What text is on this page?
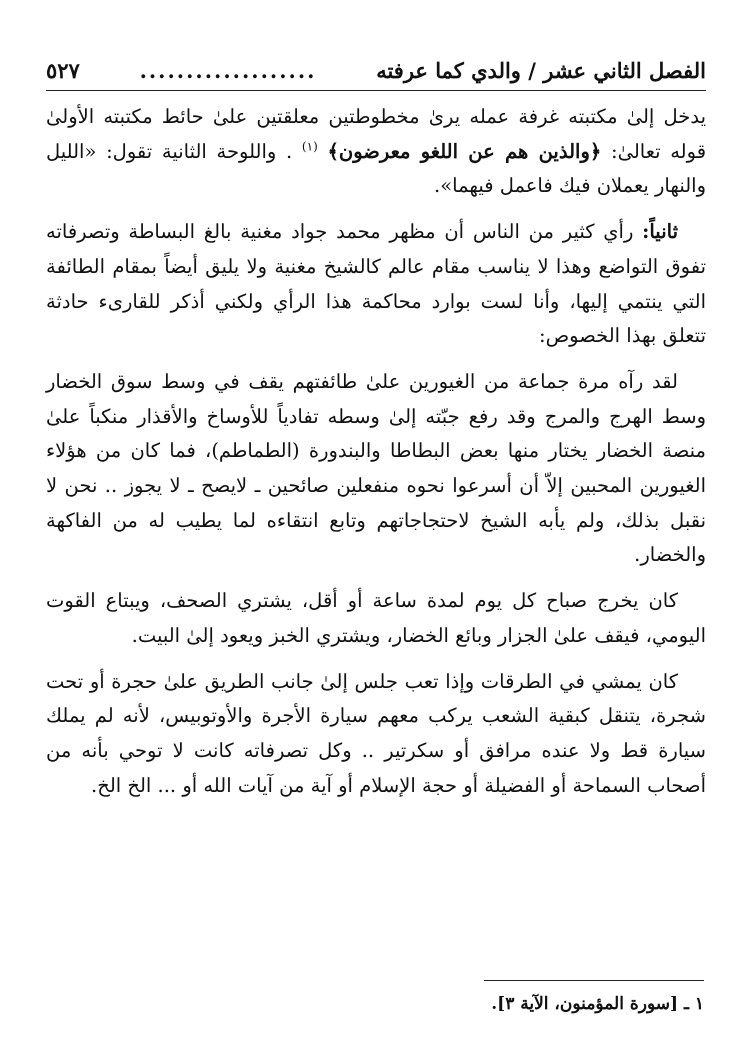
الفصل الثاني عشر / والدي كما عرفته
...................
٥٢٧

يدخل إلىٰ مكتبته غرفة عمله يرىٰ مخطوطتين معلقتين علىٰ حائط مكتبته الأولىٰ قوله تعالىٰ: ﴿والذين هم عن اللغو معرضون﴾ $^{(١)}$ . واللوحة الثانية تقول: «الليل والنهار يعملان فيك فاعمل فيهما».

ثانياً: رأي كثير من الناس أن مظهر محمد جواد مغنية بالغ البساطة وتصرفاته تفوق التواضع وهذا لا يناسب مقام عالم كالشيخ مغنية ولا يليق أيضاً بمقام الطائفة التي ينتمي إليها، وأنا لست بوارد محاكمة هذا الرأي ولكني أذكر للقارىء حادثة تتعلق بهذا الخصوص:

لقد رآه مرة جماعة من الغيورين علىٰ طائفتهم يقف في وسط سوق الخضار وسط الهرج والمرج وقد رفع جبّته إلىٰ وسطه تفادياً للأوساخ والأقذار منكباً علىٰ منصة الخضار يختار منها بعض البطاطا والبندورة (الطماطم)، فما كان من هؤلاء الغيورين المحبين إلاّ أن أسرعوا نحوه منفعلين صائحين ـ لايصح ـ لا يجوز .. نحن لا نقبل بذلك، ولم يأبه الشيخ لاحتجاجاتهم وتابع انتقاءه لما يطيب له من الفاكهة والخضار.

كان يخرج صباح كل يوم لمدة ساعة أو أقل، يشتري الصحف، ويبتاع القوت اليومي، فيقف علىٰ الجزار وبائع الخضار، ويشتري الخبز ويعود إلىٰ البيت.

كان يمشي في الطرقات وإذا تعب جلس إلىٰ جانب الطريق علىٰ حجرة أو تحت شجرة، يتنقل كبقية الشعب يركب معهم سيارة الأجرة والأوتوبيس، لأنه لم يملك سيارة قط ولا عنده مرافق أو سكرتير .. وكل تصرفاته كانت لا توحي بأنه من أصحاب السماحة أو الفضيلة أو حجة الإسلام أو آية من آيات الله أو ... الخ الخ.

١ ـ [سورة المؤمنون، الآية ٣].
